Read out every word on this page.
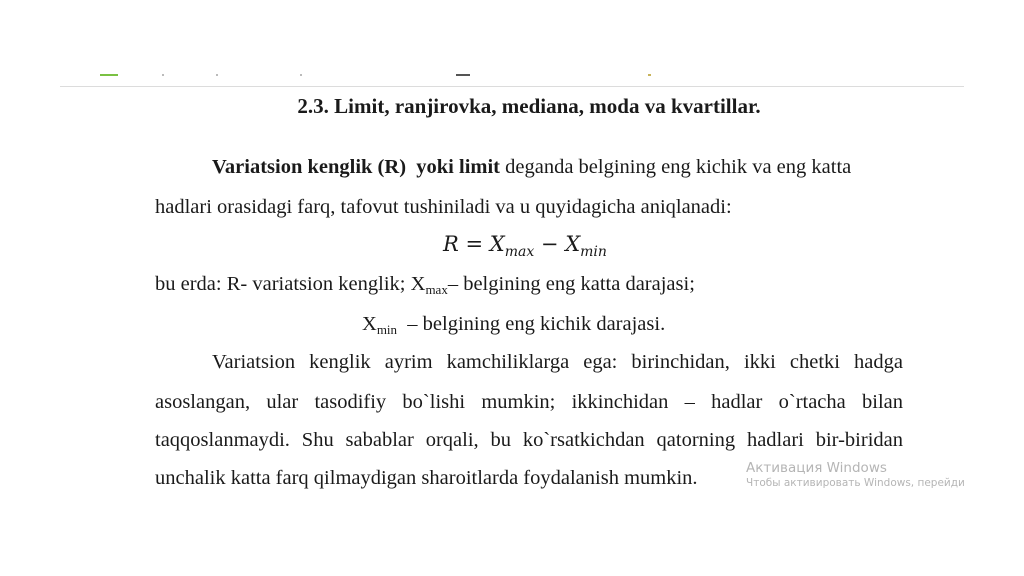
2.3. Limit, ranjirovka, mediana, moda va kvartillar.
Variatsion kenglik (R) yoki limit deganda belgining eng kichik va eng katta
hadlari orasidagi farq, tafovut tushiniladi va u quyidagicha aniqlanadi:
$R = X_{max} - X_{min}$
bu erda: R- variatsion kenglik; $X_{max}-$ belgining eng katta darajasi;
$X_{min}$ – belgining eng kichik darajasi.
Variatsion kenglik ayrim kamchiliklarga ega: birinchidan, ikki chetki hadga
asoslangan, ular tasodifiy bo`lishi mumkin; ikkinchidan – hadlar o`rtacha bilan
taqqoslanmaydi. Shu sabablar orqali, bu ko`rsatkichdan qatorning hadlari bir-biridan
unchalik katta farq qilmaydigan sharoitlarda foydalanish mumkin.	Активация Windows
Чтобы активировать Windows, перейди
